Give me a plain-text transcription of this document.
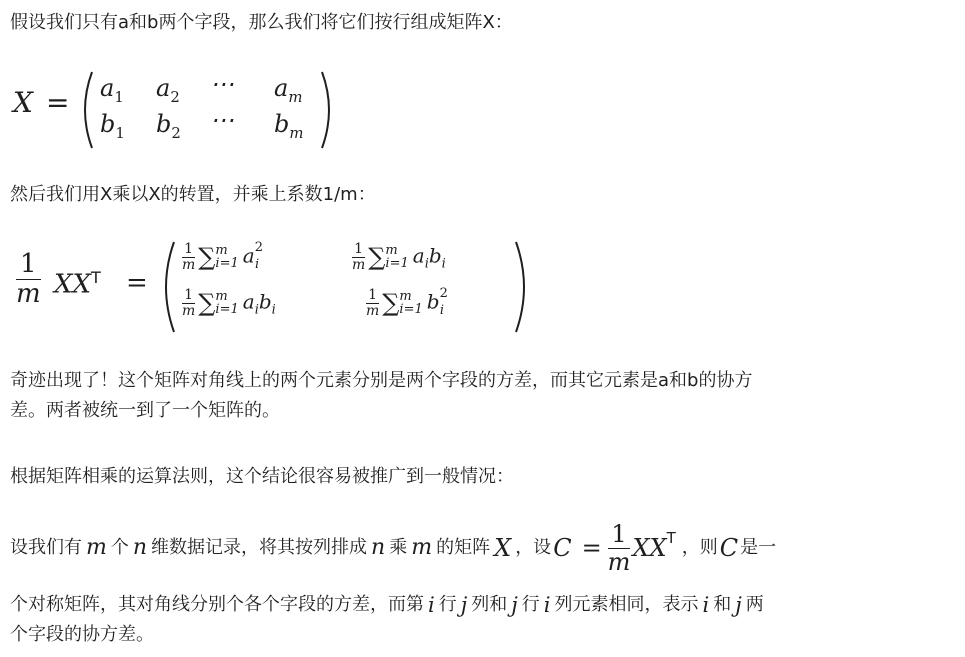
假设我们只有a和b两个字段，那么我们将它们按行组成矩阵X：

$X = a_1$ $a_2$ ⋯ $a_m$
$b_1$ $b_2$ ⋯ $b_m$

然后我们用X乘以X的转置，并乘上系数1/m：

$\frac{1}{m} XX^T$ =
$\frac{1}{m}$ ∑ m
i=1 $a^2_i$	$\frac{1}{m}$ ∑ m
i=1 $a_ib_i$
$\frac{1}{m}$ ∑ m
i=1 $a_ib_i$	$\frac{1}{m}$ ∑ m
i=1 $b^2_i$

奇迹出现了！这个矩阵对角线上的两个元素分别是两个字段的方差，而其它元素是a和b的协方

差。两者被统一到了一个矩阵的。

根据矩阵相乘的运算法则，这个结论很容易被推广到一般情况：

设我们有 m 个 n 维数据记录，将其按列排成 n 乘 m 的矩阵 X ，设 $C = \frac{1}{m} XX^T$ ，则 C 是一
个对称矩阵，其对角线分别个各个字段的方差，而第 i 行 j 列和 j 行 i 列元素相同，表示 i 和 j 两

个字段的协方差。
